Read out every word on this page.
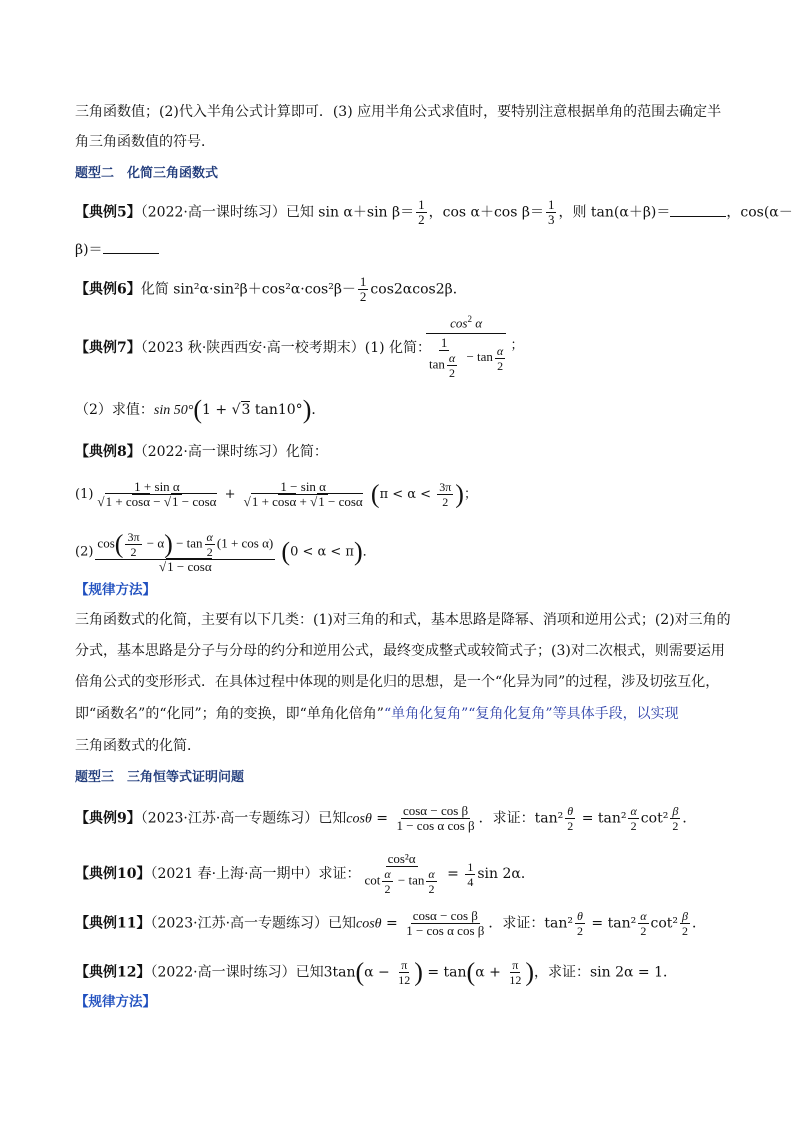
三角函数值；(2)代入半角公式计算即可．(3) 应用半角公式求值时，要特别注意根据单角的范围去确定半
角三角函数值的符号．
题型二　化简三角函数式
【典例5】（2022·高一课时练习）已知 sin α＋sin $\beta= \frac{1}{2}$ ，cos α＋cos $\beta= \frac{1}{3}$ ，则 tan(α＋β)＝	，cos(α－
β)＝
【典例6】化简 $\sin^2\alpha\cdot\sin^2\beta+\cos^2\alpha\cdot\cos^2\beta- \frac{1}{2} \cos 2\alpha\cos 2\beta$．
【典例7】（2023 秋·陕西西安·高一校考期末）(1) 化简：
$\frac{\cos^2 \alpha}{\frac{1}{\tan \frac{\alpha}{2}} - \tan \frac{\alpha}{2}}$ ；
（2）求值：sin 50°(1 + √3 tan10°)．
【典例8】（2022·高一课时练习）化简：
$(1) \frac{\text{1 + sin α}}{√1 + \cos\alpha - √1 - \cos\alpha} + \frac{\text{1 − sin α}}{√1 + \cos\alpha + √1 - \cos\alpha} (\pi < \alpha < \frac{3\pi}{2}$ )；
$(2) \frac{\cos( \frac{3\pi}{2} - \alpha) - \tan \frac{\alpha}{2} (1 + \cos \alpha)}{√1 - \cos\alpha} (0 < \alpha < \pi)$．
【规律方法】
三角函数式的化简，主要有以下几类：(1)对三角的和式，基本思路是降幂、消项和逆用公式；(2)对三角的
分式，基本思路是分子与分母的约分和逆用公式，最终变成整式或较简式子；(3)对二次根式，则需要运用
倍角公式的变形形式．在具体过程中体现的则是化归的思想，是一个“化异为同”的过程，涉及切弦互化，
即“函数名”的“化同”；角的变换，即“单角化倍角”“单角化复角”“复角化复角”等具体手段，以实现
三角函数式的化简．
题型三　三角恒等式证明问题
【典例9】（2023·江苏·高一专题练习）已知$\cos\theta = \frac{\text{cosα − cos β}}{\text{1 − cos α cos β}}$ ．求证：$\tan^2 \frac{\theta}{2} = \tan^2 \frac{\alpha}{2} \cot^2 \frac{\beta}{2}$ ．
【典例10】（2021 春·上海·高一期中）求证： $\frac{\text{cos²α}}{\cot \frac{\alpha}{2} - \tan \frac{\alpha}{2}} = \frac{1}{4}$ sin 2α．
【典例11】（2023·江苏·高一专题练习）已知$\cos\theta = \frac{\text{cosα − cos β}}{\text{1 − cos α cos β}}$ ．求证：$\tan^2 \frac{\theta}{2} = \tan^2 \frac{\alpha}{2} \cot^2 \frac{\beta}{2}$ ．
【典例12】（2022·高一课时练习）已知$3\tan(\alpha - \frac{\pi}{12}$ ) = $\tan(\alpha + \frac{\pi}{12}$ )，求证：sin 2α = 1．
【规律方法】
